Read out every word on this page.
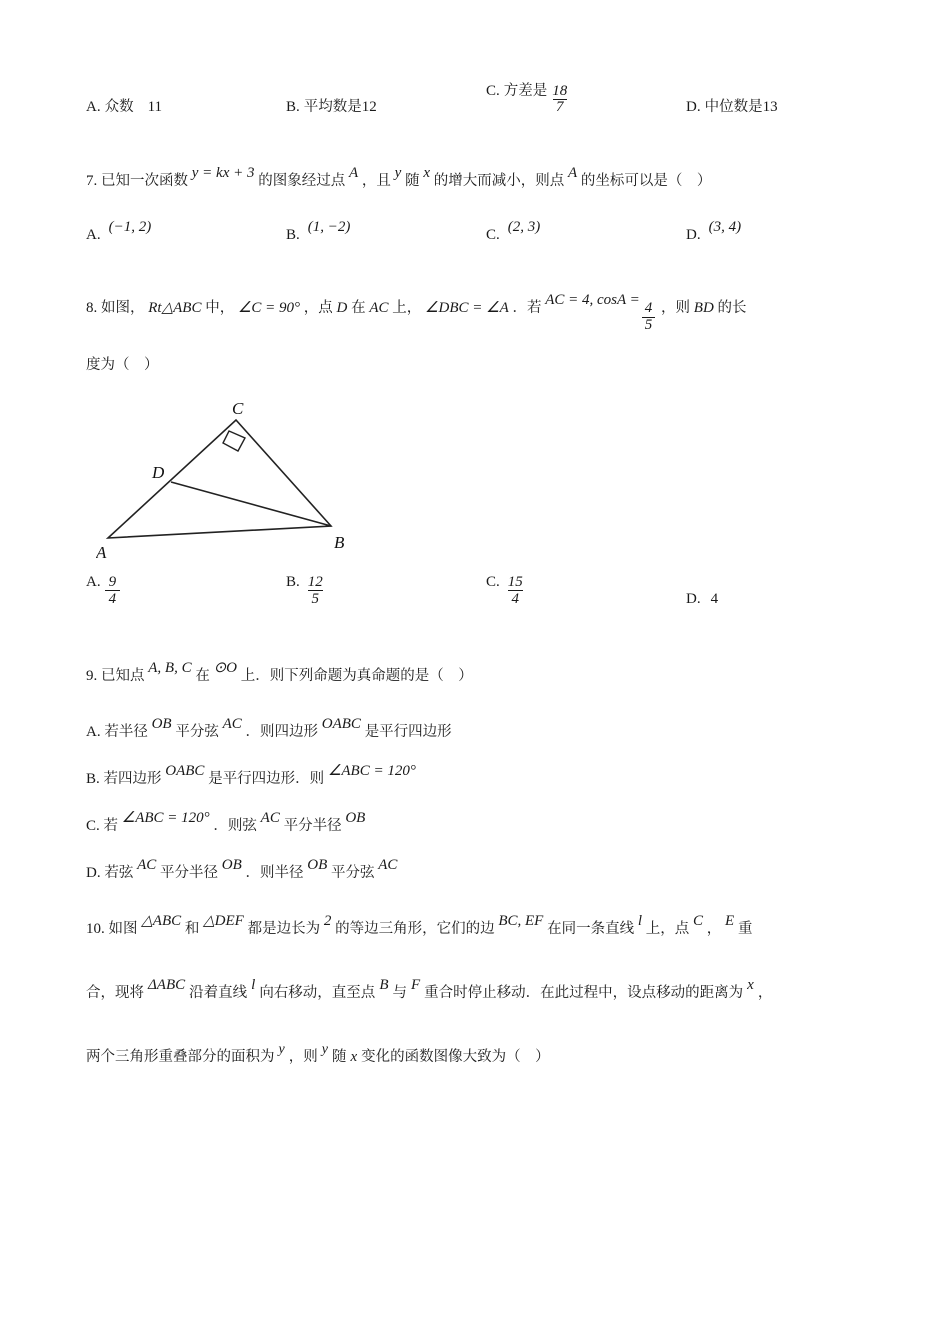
A. 众数 11	B. 平均数是 12
C. 方差是 $\frac{18}{7}$	D. 中位数是 13
7. 已知一次函数 y = kx + 3 的图象经过点 A ，且 y 随 x 的增大而减小，则点 A 的坐标可以是（　）
A. (−1, 2)	B. (1, −2)	C. (2, 3)	D. (3, 4)
8. 如图， Rt△ABC 中， ∠C = 90° ，点 D 在 AC 上， ∠DBC = ∠A ．若 AC = 4, cosA =
$\frac{4}{5}$ ，则 BD 的长
度为（　）
C
D
A
B
A. $\frac{9}{4}$	B. $\frac{12}{5}$	C. $\frac{15}{4}$	D. 4
9. 已知点 A, B, C 在 ⊙O 上．则下列命题为真命题的是（　）
A. 若半径 OB 平分弦 AC ．则四边形 OABC 是平行四边形
B. 若四边形 OABC 是平行四边形．则 ∠ABC = 120°
C. 若 ∠ABC = 120° ．则弦 AC 平分半径 OB
D. 若弦 AC 平分半径 OB ．则半径 OB 平分弦 AC
10. 如图 △ABC 和 △DEF 都是边长为 2 的等边三角形，它们的边 BC, EF 在同一条直线 l 上，点 C ， E 重
合，现将 ΔABC 沿着直线 l 向右移动，直至点 B 与 F 重合时停止移动．在此过程中，设点移动的距离为 x ，
两个三角形重叠部分的面积为 y ，则 y 随 x 变化的函数图像大致为（　）
